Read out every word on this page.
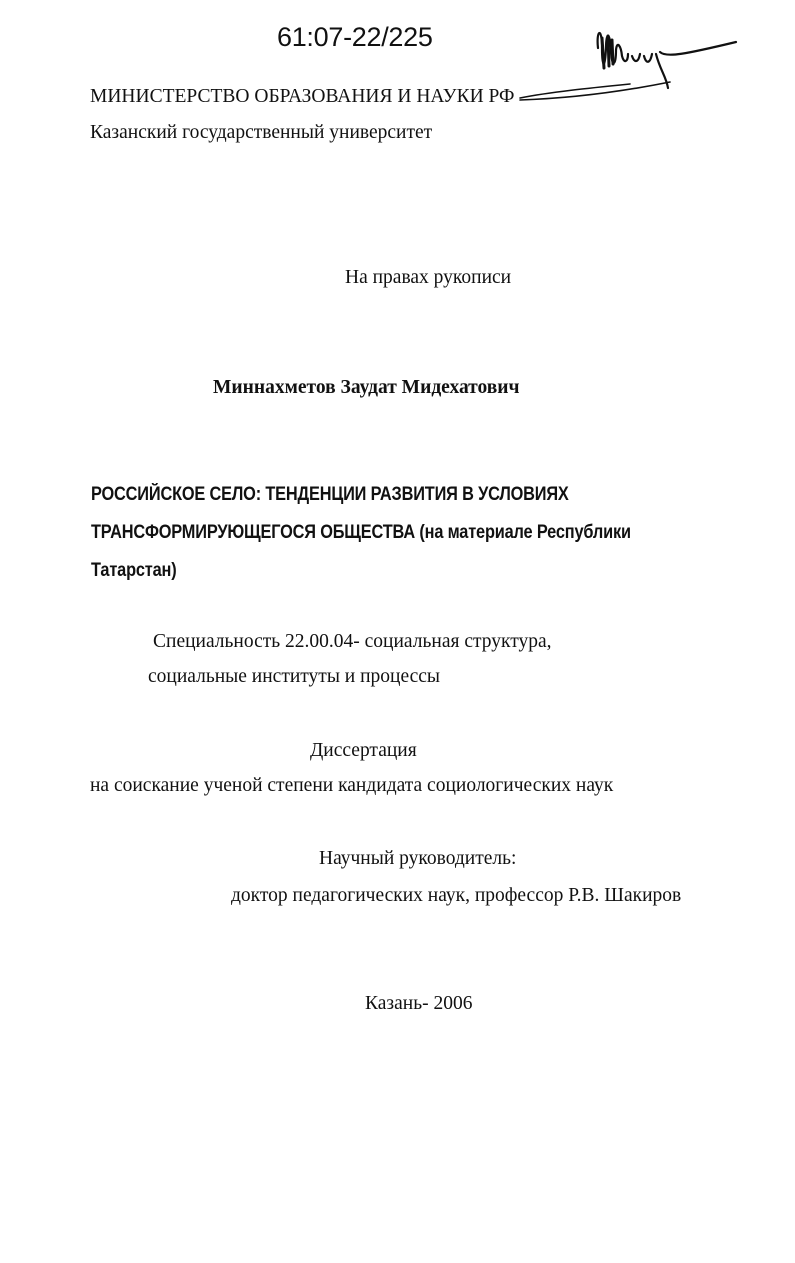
61:07-22/225
МИНИСТЕРСТВО ОБРАЗОВАНИЯ И НАУКИ РФ
Казанский государственный университет
На правах рукописи
Миннахметов Заудат Мидехатович
РОССИЙСКОЕ СЕЛО: ТЕНДЕНЦИИ РАЗВИТИЯ В УСЛОВИЯХ
ТРАНСФОРМИРУЮЩЕГОСЯ ОБЩЕСТВА (на материале Республики
Татарстан)
Специальность 22.00.04- социальная структура,
социальные институты и процессы
Диссертация
на соискание ученой степени кандидата социологических наук
Научный руководитель:
доктор педагогических наук, профессор Р.В. Шакиров
Казань- 2006
